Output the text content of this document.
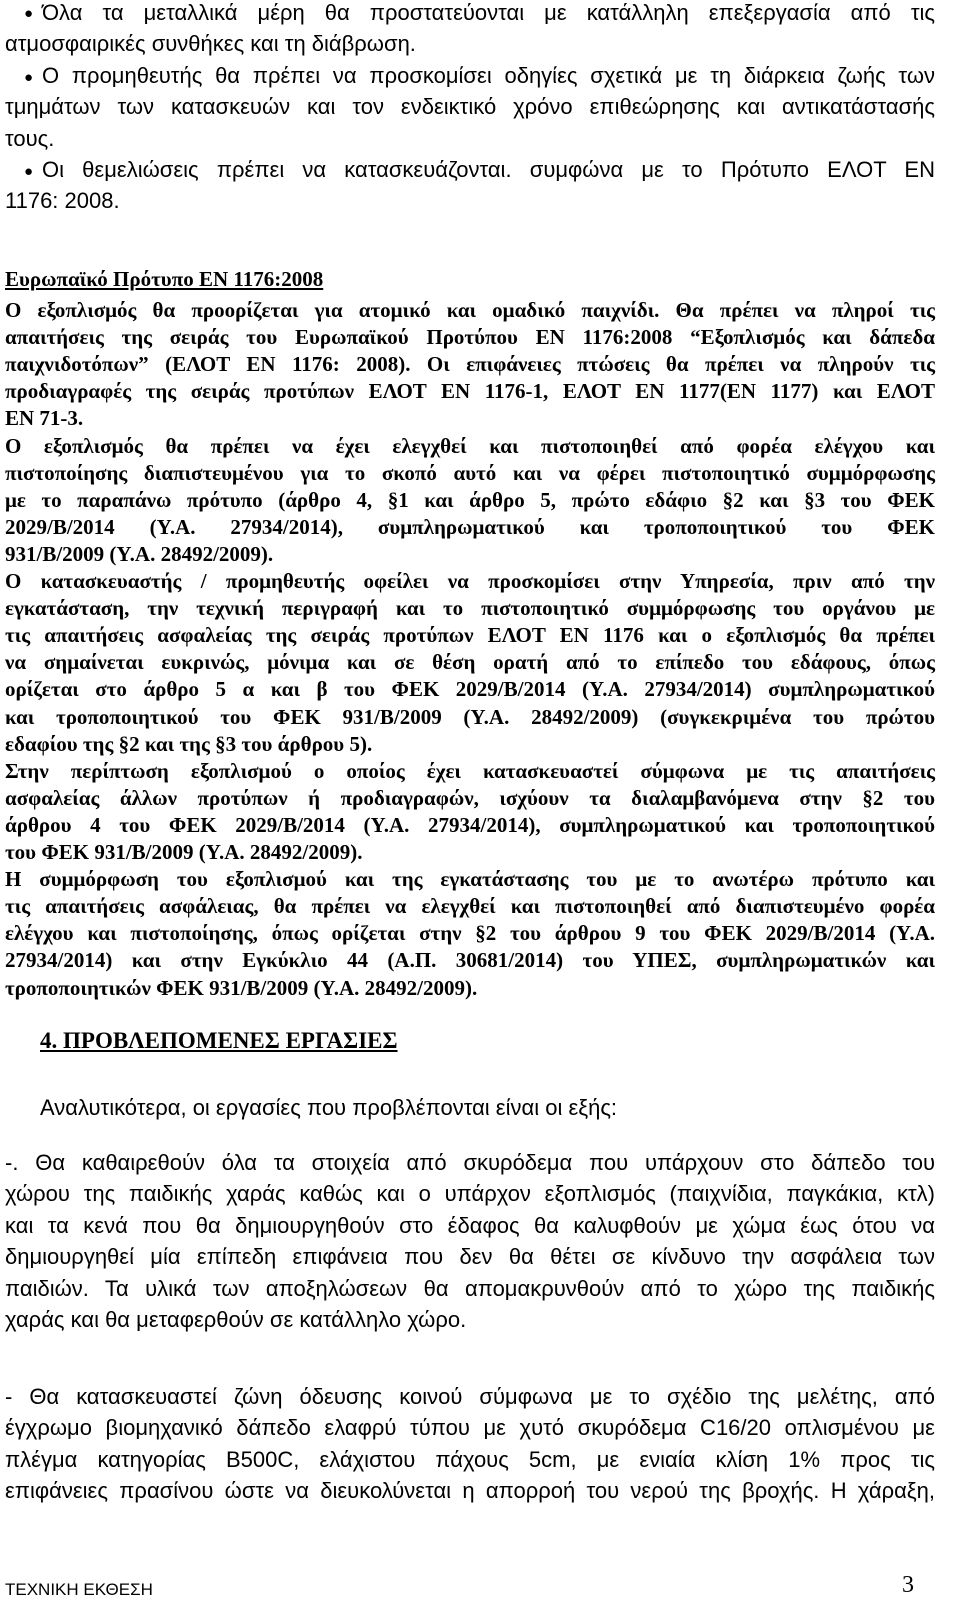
● Όλα τα μεταλλικά μέρη θα προστατεύονται με κατάλληλη επεξεργασία από τις
ατμοσφαιρικές συνθήκες και τη διάβρωση.
● Ο προμηθευτής θα πρέπει να προσκομίσει οδηγίες σχετικά με τη διάρκεια ζωής των
τμημάτων των κατασκευών και τον ενδεικτικό χρόνο επιθεώρησης και αντικατάστασής
τους.
● Οι θεμελιώσεις πρέπει να κατασκευάζονται. συμφώνα με το Πρότυπο ΕΛΟΤ ΕΝ
1176: 2008.
Ευρωπαϊκό Πρότυπο ΕΝ 1176:2008
Ο εξοπλισμός θα προορίζεται για ατομικό και ομαδικό παιχνίδι. Θα πρέπει να πληροί τις
απαιτήσεις της σειράς του Ευρωπαϊκού Προτύπου ΕΝ 1176:2008 “Εξοπλισμός και δάπεδα
παιχνιδοτόπων” (ΕΛΟΤ ΕΝ 1176: 2008). Οι επιφάνειες πτώσεις θα πρέπει να πληρούν τις
προδιαγραφές της σειράς προτύπων ΕΛΟΤ ΕΝ 1176-1, ΕΛΟΤ ΕΝ 1177(ΕΝ 1177) και ΕΛΟΤ
ΕΝ 71-3.
Ο εξοπλισμός θα πρέπει να έχει ελεγχθεί και πιστοποιηθεί από φορέα ελέγχου και
πιστοποίησης διαπιστευμένου για το σκοπό αυτό και να φέρει πιστοποιητικό συμμόρφωσης
με το παραπάνω πρότυπο (άρθρο 4, §1 και άρθρο 5, πρώτο εδάφιο §2 και §3 του ΦΕΚ
2029/Β/2014 (Υ.Α. 27934/2014), συμπληρωματικού και τροποποιητικού του ΦΕΚ
931/Β/2009 (Υ.Α. 28492/2009).
Ο κατασκευαστής / προμηθευτής οφείλει να προσκομίσει στην Υπηρεσία, πριν από την
εγκατάσταση, την τεχνική περιγραφή και το πιστοποιητικό συμμόρφωσης του οργάνου με
τις απαιτήσεις ασφαλείας της σειράς προτύπων ΕΛΟΤ ΕΝ 1176 και ο εξοπλισμός θα πρέπει
να σημαίνεται ευκρινώς, μόνιμα και σε θέση ορατή από το επίπεδο του εδάφους, όπως
ορίζεται στο άρθρο 5 α και β του ΦΕΚ 2029/Β/2014 (Υ.Α. 27934/2014) συμπληρωματικού
και τροποποιητικού του ΦΕΚ 931/Β/2009 (Υ.Α. 28492/2009) (συγκεκριμένα του πρώτου
εδαφίου της §2 και της §3 του άρθρου 5).
Στην περίπτωση εξοπλισμού ο οποίος έχει κατασκευαστεί σύμφωνα με τις απαιτήσεις
ασφαλείας άλλων προτύπων ή προδιαγραφών, ισχύουν τα διαλαμβανόμενα στην §2 του
άρθρου 4 του ΦΕΚ 2029/Β/2014 (Υ.Α. 27934/2014), συμπληρωματικού και τροποποιητικού
του ΦΕΚ 931/Β/2009 (Υ.Α. 28492/2009).
Η συμμόρφωση του εξοπλισμού και της εγκατάστασης του με το ανωτέρω πρότυπο και
τις απαιτήσεις ασφάλειας, θα πρέπει να ελεγχθεί και πιστοποιηθεί από διαπιστευμένο φορέα
ελέγχου και πιστοποίησης, όπως ορίζεται στην §2 του άρθρου 9 του ΦΕΚ 2029/Β/2014 (Υ.Α.
27934/2014) και στην Εγκύκλιο 44 (Α.Π. 30681/2014) του ΥΠΕΣ, συμπληρωματικών και
τροποποιητικών ΦΕΚ 931/Β/2009 (Υ.Α. 28492/2009).
4. ΠΡΟΒΛΕΠΟΜΕΝΕΣ ΕΡΓΑΣΙΕΣ
Αναλυτικότερα, οι εργασίες που προβλέπονται είναι οι εξής:
-. Θα καθαιρεθούν όλα τα στοιχεία από σκυρόδεμα που υπάρχουν στο δάπεδο του
χώρου της παιδικής χαράς καθώς και ο υπάρχον εξοπλισμός (παιχνίδια, παγκάκια, κτλ)
και τα κενά που θα δημιουργηθούν στο έδαφος θα καλυφθούν με χώμα έως ότου να
δημιουργηθεί μία επίπεδη επιφάνεια που δεν θα θέτει σε κίνδυνο την ασφάλεια των
παιδιών. Τα υλικά των αποξηλώσεων θα απομακρυνθούν από το χώρο της παιδικής
χαράς και θα μεταφερθούν σε κατάλληλο χώρο.
- Θα κατασκευαστεί ζώνη όδευσης κοινού σύμφωνα με το σχέδιο της μελέτης, από
έγχρωμο βιομηχανικό δάπεδο ελαφρύ τύπου με χυτό σκυρόδεμα C16/20 οπλισμένου με
πλέγμα κατηγορίας B500C, ελάχιστου πάχους 5cm, με ενιαία κλίση 1% προς τις
επιφάνειες πρασίνου ώστε να διευκολύνεται η απορροή του νερού της βροχής. Η χάραξη,
ΤΕΧΝΙΚΗ ΕΚΘΕΣΗ	3
